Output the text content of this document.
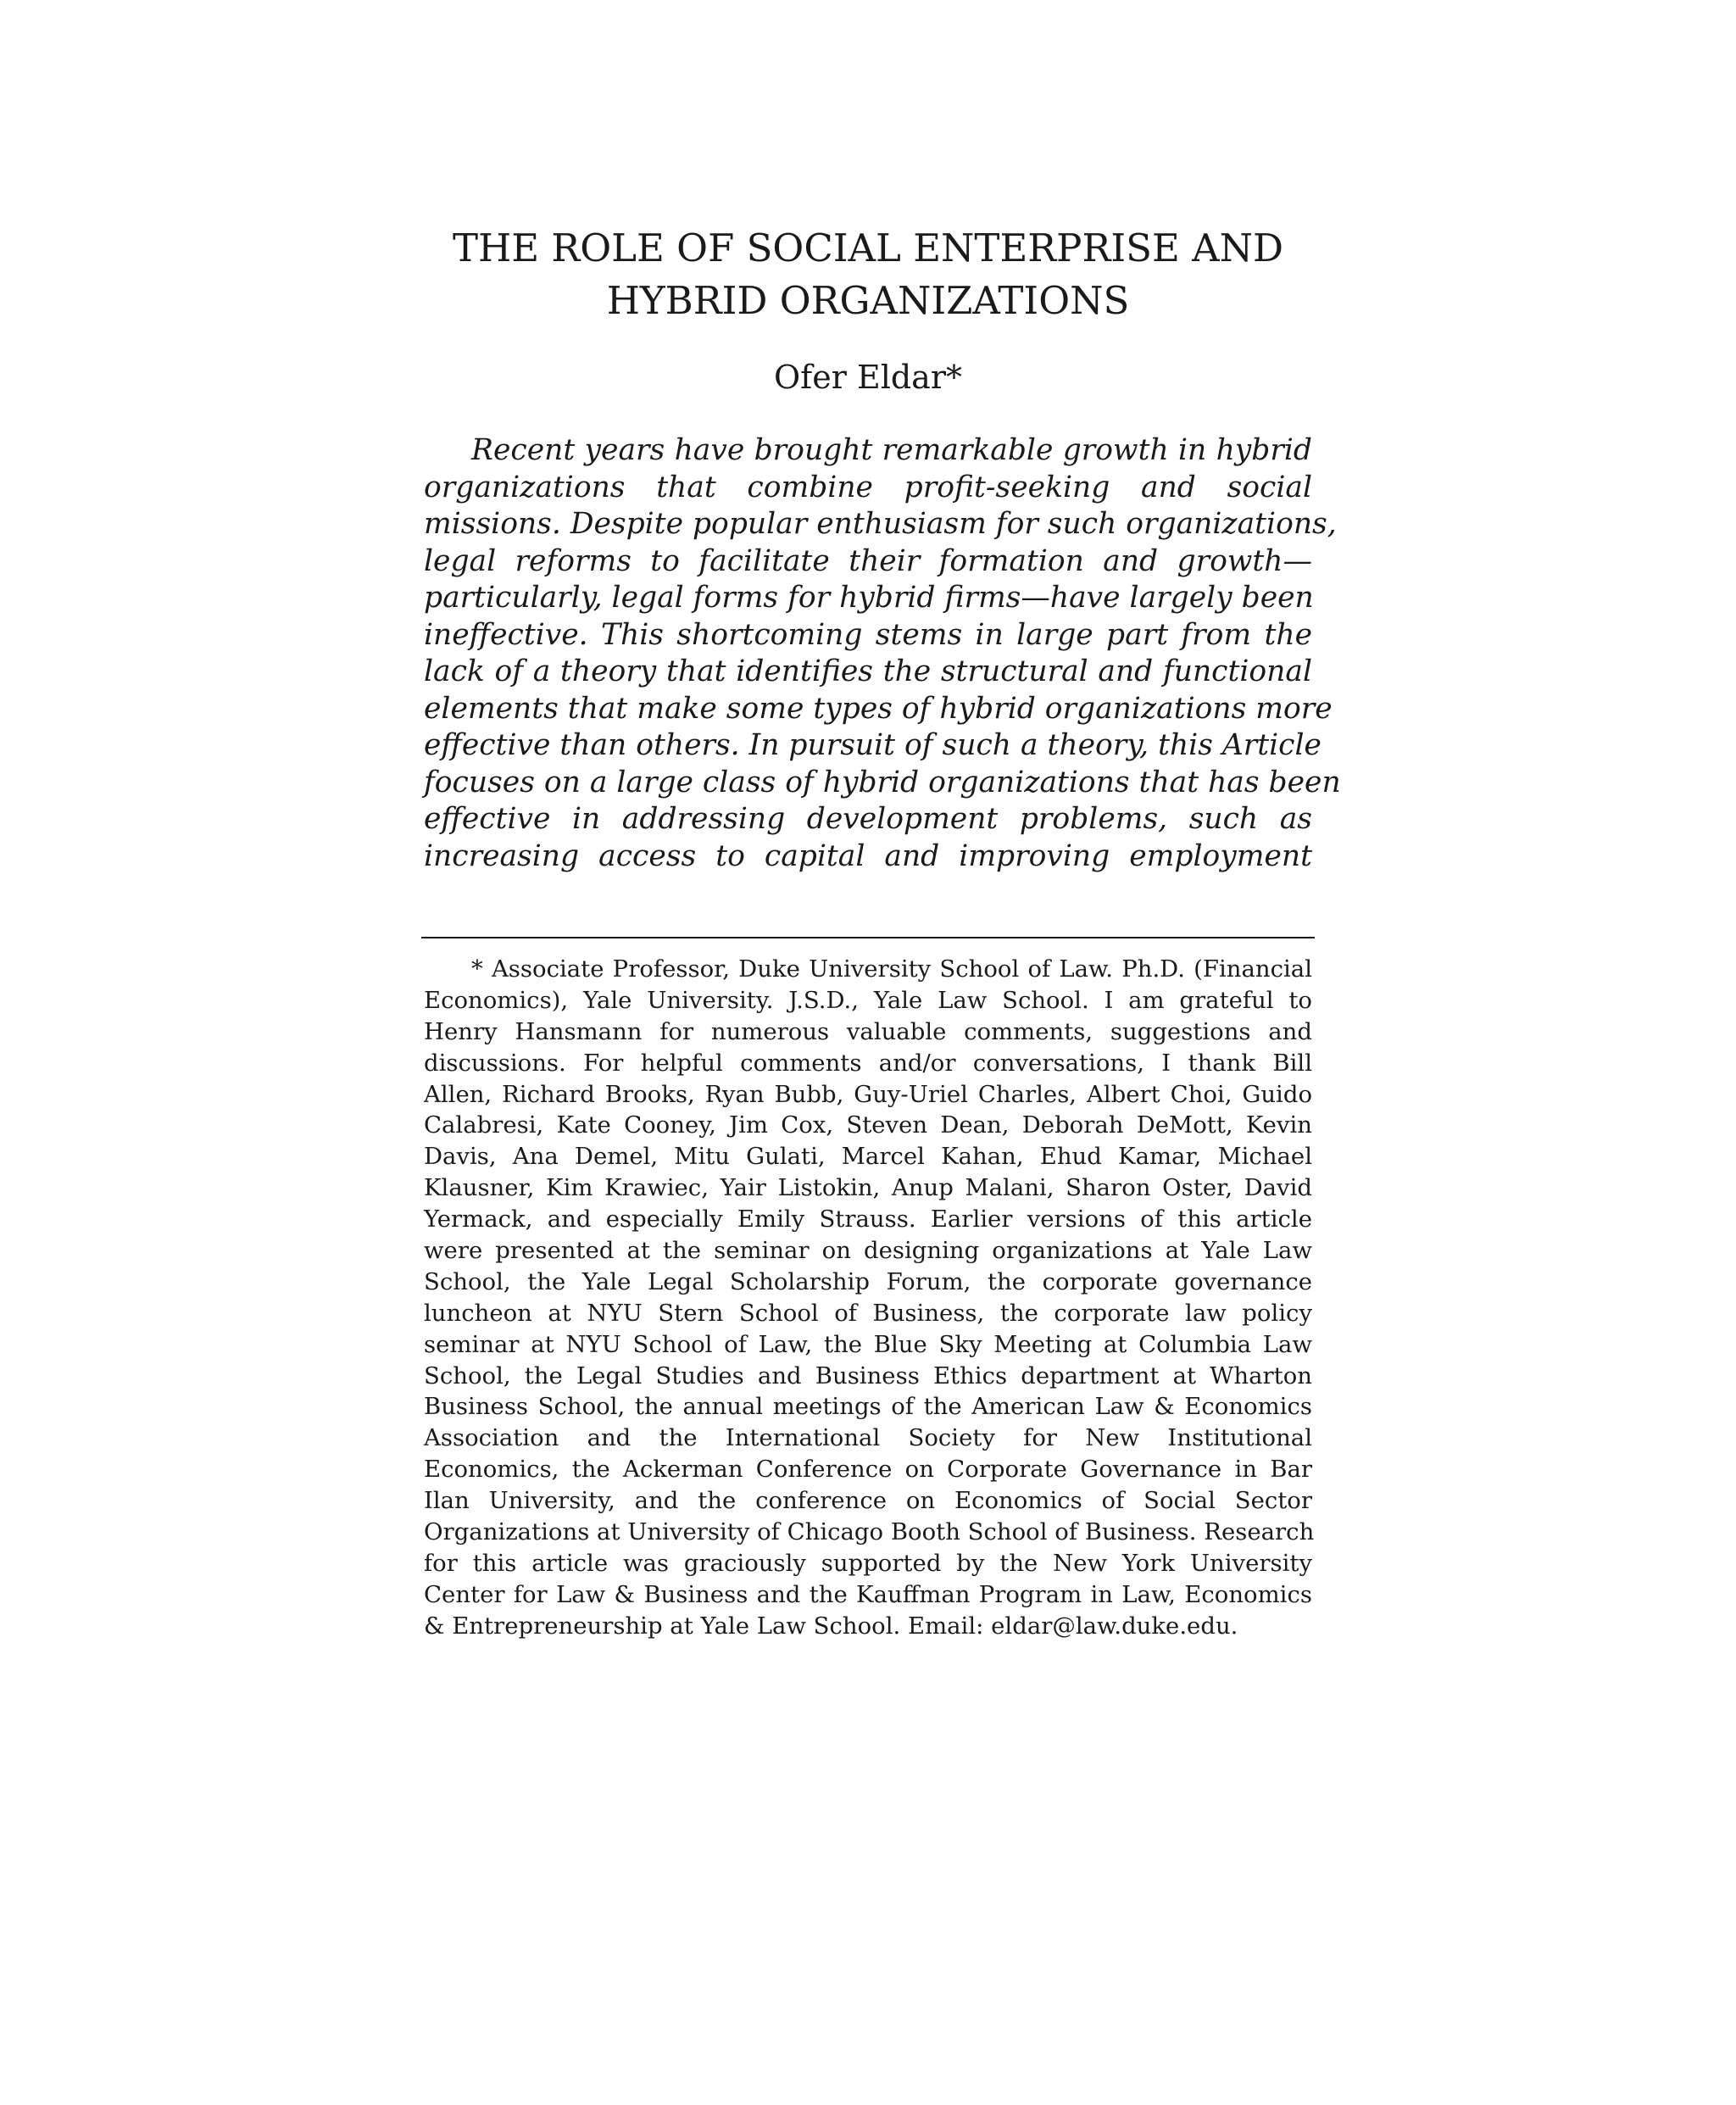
THE ROLE OF SOCIAL ENTERPRISE AND
HYBRID ORGANIZATIONS
Ofer Eldar*
Recent years have brought remarkable growth in hybrid
organizations that combine profit-seeking and social
missions. Despite popular enthusiasm for such organizations,
legal reforms to facilitate their formation and growth—
particularly, legal forms for hybrid firms—have largely been
ineffective. This shortcoming stems in large part from the
lack of a theory that identifies the structural and functional
elements that make some types of hybrid organizations more
effective than others. In pursuit of such a theory, this Article
focuses on a large class of hybrid organizations that has been
effective in addressing development problems, such as
increasing access to capital and improving employment
* Associate Professor, Duke University School of Law. Ph.D. (Financial
Economics), Yale University. J.S.D., Yale Law School. I am grateful to
Henry Hansmann for numerous valuable comments, suggestions and
discussions. For helpful comments and/or conversations, I thank Bill
Allen, Richard Brooks, Ryan Bubb, Guy-Uriel Charles, Albert Choi, Guido
Calabresi, Kate Cooney, Jim Cox, Steven Dean, Deborah DeMott, Kevin
Davis, Ana Demel, Mitu Gulati, Marcel Kahan, Ehud Kamar, Michael
Klausner, Kim Krawiec, Yair Listokin, Anup Malani, Sharon Oster, David
Yermack, and especially Emily Strauss. Earlier versions of this article
were presented at the seminar on designing organizations at Yale Law
School, the Yale Legal Scholarship Forum, the corporate governance
luncheon at NYU Stern School of Business, the corporate law policy
seminar at NYU School of Law, the Blue Sky Meeting at Columbia Law
School, the Legal Studies and Business Ethics department at Wharton
Business School, the annual meetings of the American Law & Economics
Association and the International Society for New Institutional
Economics, the Ackerman Conference on Corporate Governance in Bar
Ilan University, and the conference on Economics of Social Sector
Organizations at University of Chicago Booth School of Business. Research
for this article was graciously supported by the New York University
Center for Law & Business and the Kauffman Program in Law, Economics
& Entrepreneurship at Yale Law School. Email: eldar@law.duke.edu.
